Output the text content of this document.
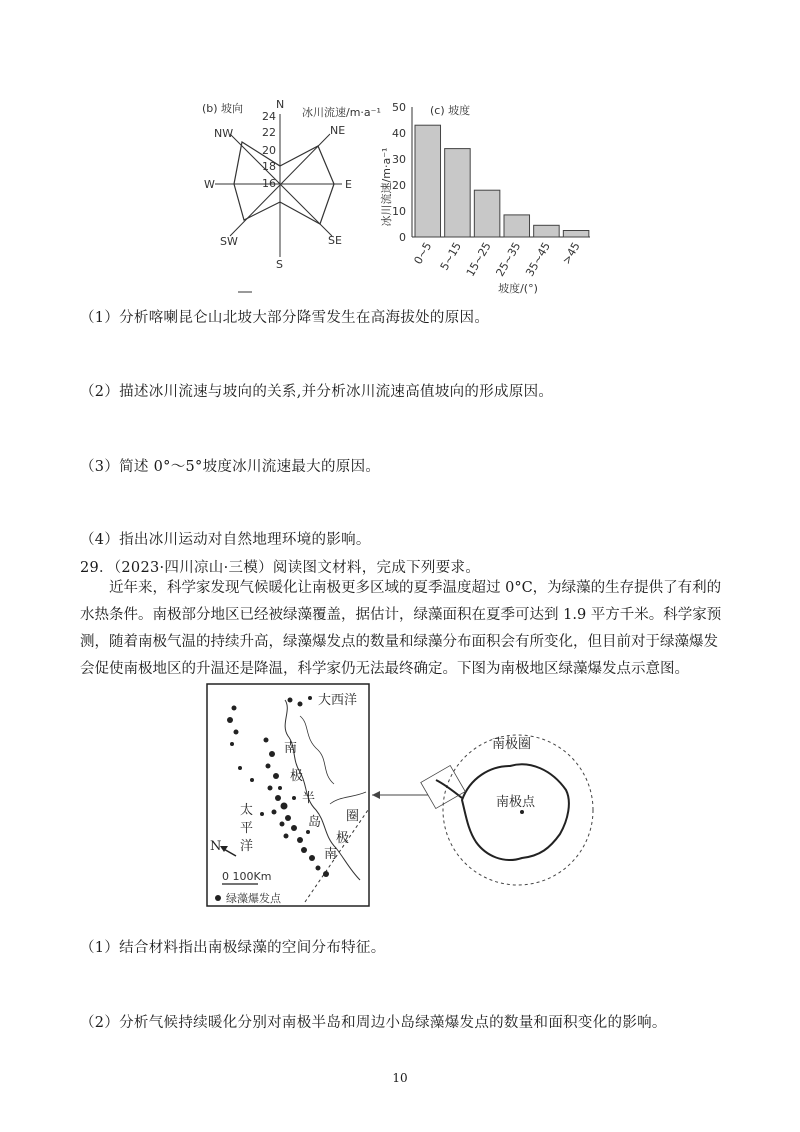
(b) 坡向	冰川流速/m·a⁻¹
16
18
20
22
24
N
NE
E
SE
S
SW
W
NW
(c) 坡度
冰川流速/m·a⁻¹
0
10
20
30
40
50
0~5 5~15 15~25 25~35 35~45 >45
坡度/(°)
（1）分析喀喇昆仑山北坡大部分降雪发生在高海拔处的原因。
（2）描述冰川流速与坡向的关系,并分析冰川流速高值坡向的形成原因。
（3）简述 0°～5°坡度冰川流速最大的原因。
（4）指出冰川运动对自然地理环境的影响。
29．（2023·四川凉山·三模）阅读图文材料，完成下列要求。
近年来，科学家发现气候暖化让南极更多区域的夏季温度超过 0°C，为绿藻的生存提供了有利的水热条件。南极部分地区已经被绿藻覆盖，据估计，绿藻面积在夏季可达到 1.9 平方千米。科学家预测，随着南极气温的持续升高，绿藻爆发点的数量和绿藻分布面积会有所变化，但目前对于绿藻爆发会促使南极地区的升温还是降温，科学家仍无法最终确定。下图为南极地区绿藻爆发点示意图。
大西洋
太
平
洋
南
极
半
岛 圈
极
南
N
0 100Km
绿藻爆发点
南极圈
南极点
（1）结合材料指出南极绿藻的空间分布特征。
（2）分析气候持续暖化分别对南极半岛和周边小岛绿藻爆发点的数量和面积变化的影响。
10
